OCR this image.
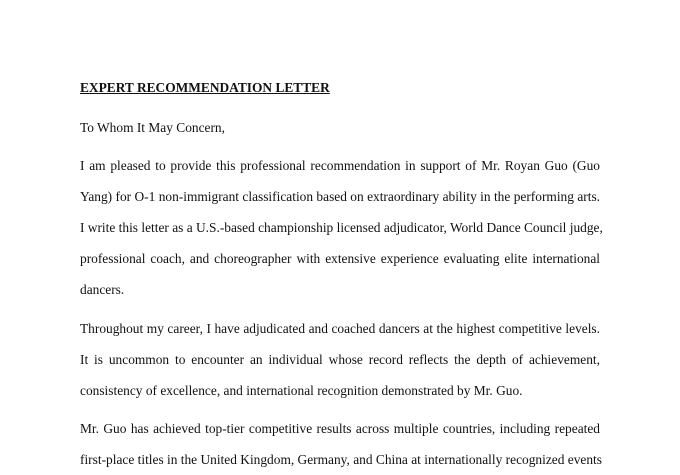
EXPERT RECOMMENDATION LETTER
To Whom It May Concern,
I am pleased to provide this professional recommendation in support of Mr. Royan Guo (Guo
Yang) for O-1 non-immigrant classification based on extraordinary ability in the performing arts.
I write this letter as a U.S.-based championship licensed adjudicator, World Dance Council judge,
professional coach, and choreographer with extensive experience evaluating elite international
dancers.
Throughout my career, I have adjudicated and coached dancers at the highest competitive levels.
It is uncommon to encounter an individual whose record reflects the depth of achievement,
consistency of excellence, and international recognition demonstrated by Mr. Guo.
Mr. Guo has achieved top-tier competitive results across multiple countries, including repeated
first-place titles in the United Kingdom, Germany, and China at internationally recognized events
